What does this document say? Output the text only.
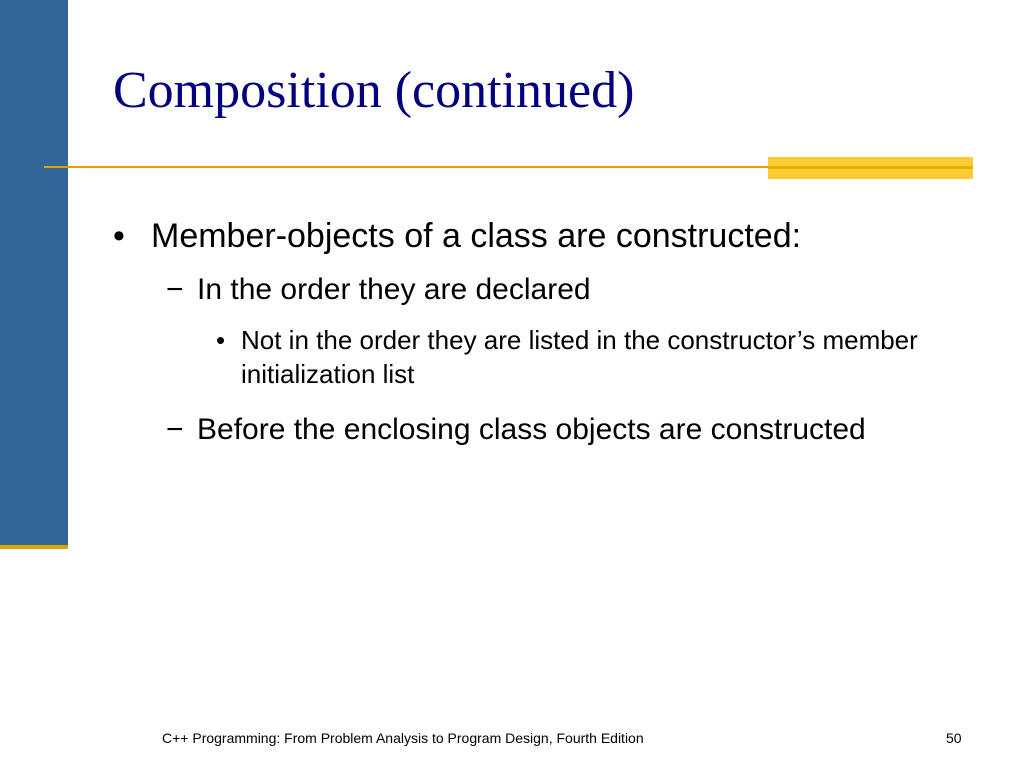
Composition (continued)
• Member-objects of a class are constructed:
− In the order they are declared
• Not in the order they are listed in the constructor’s member initialization list
− Before the enclosing class objects are constructed
C++ Programming: From Problem Analysis to Program Design, Fourth Edition	50
